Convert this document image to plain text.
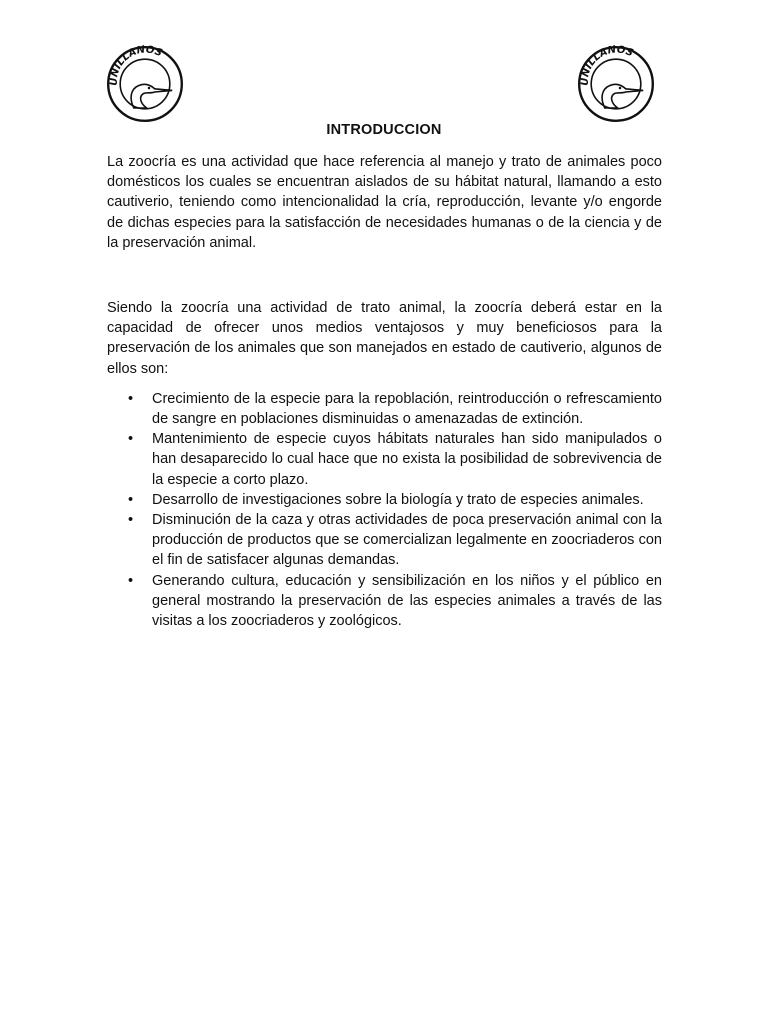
UNILLANOS
UNILLANOS
INTRODUCCION

La zoocría es una actividad que hace referencia al manejo y trato de animales poco domésticos los cuales se encuentran aislados de su hábitat natural, llamando a esto cautiverio, teniendo como intencionalidad la cría, reproducción, levante y/o engorde de dichas especies para la satisfacción de necesidades humanas o de la ciencia y de la preservación animal.

Siendo la zoocría una actividad de trato animal, la zoocría deberá estar en la capacidad de ofrecer unos medios ventajosos y muy beneficiosos para la preservación de los animales que son manejados en estado de cautiverio, algunos de ellos son:

• Crecimiento de la especie para la repoblación, reintroducción o refrescamiento de sangre en poblaciones disminuidas o amenazadas de extinción.
• Mantenimiento de especie cuyos hábitats naturales han sido manipulados o han desaparecido lo cual hace que no exista la posibilidad de sobrevivencia de la especie a corto plazo.
• Desarrollo de investigaciones sobre la biología y trato de especies animales.
• Disminución de la caza y otras actividades de poca preservación animal con la producción de productos que se comercializan legalmente en zoocriaderos con el fin de satisfacer algunas demandas.
• Generando cultura, educación y sensibilización en los niños y el público en general mostrando la preservación de las especies animales a través de las visitas a los zoocriaderos y zoológicos.
